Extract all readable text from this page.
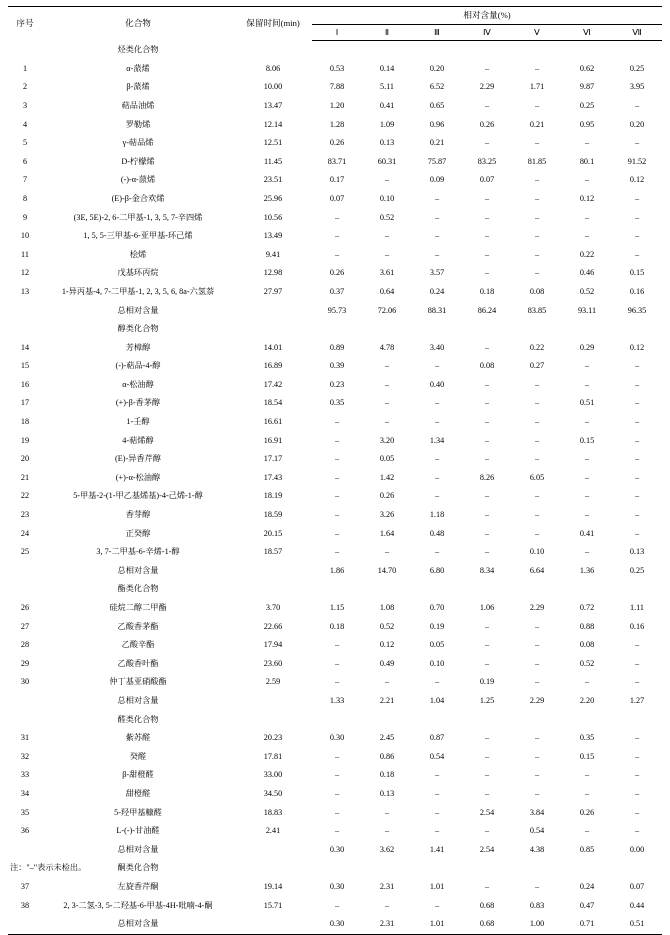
序号	化合物	保留时间(min)	相对含量(%)						
			Ⅰ	Ⅱ	Ⅲ	Ⅳ	Ⅴ	Ⅵ	Ⅶ
	烃类化合物								
1	α-蒎烯	8.06	0.53	0.14	0.20	–	–	0.62	0.25
2	β-蒎烯	10.00	7.88	5.11	6.52	2.29	1.71	9.87	3.95
3	萜品油烯	13.47	1.20	0.41	0.65	–	–	0.25	–
4	罗勒烯	12.14	1.28	1.09	0.96	0.26	0.21	0.95	0.20
5	γ-萜品烯	12.51	0.26	0.13	0.21	–	–	–	–
6	D-柠檬烯	11.45	83.71	60.31	75.87	83.25	81.85	80.1	91.52
7	(-)-α-蒎烯	23.51	0.17	–	0.09	0.07	–	–	0.12
8	(E)-β-金合欢烯	25.96	0.07	0.10	–	–	–	0.12	–
9	(3E, 5E)-2, 6-二甲基-1, 3, 5, 7-辛四烯	10.56	–	0.52	–	–	–	–	–
10	1, 5, 5-三甲基-6-亚甲基-环己烯	13.49	–	–	–	–	–	–	–
11	桧烯	9.41	–	–	–	–	–	0.22	–
12	戊基环丙烷	12.98	0.26	3.61	3.57	–	–	0.46	0.15
13	1-异丙基-4, 7-二甲基-1, 2, 3, 5, 6, 8a-六氢萘	27.97	0.37	0.64	0.24	0.18	0.08	0.52	0.16
	总相对含量		95.73	72.06	88.31	86.24	83.85	93.11	96.35
	醇类化合物								
14	芳樟醇	14.01	0.89	4.78	3.40	–	0.22	0.29	0.12
15	(-)-萜品-4-醇	16.89	0.39	–	–	0.08	0.27	–	–
16	α-松油醇	17.42	0.23	–	0.40	–	–	–	–
17	(+)-β-香茅醇	18.54	0.35	–	–	–	–	0.51	–
18	1-壬醇	16.61	–	–	–	–	–	–	–
19	4-萜烯醇	16.91	–	3.20	1.34	–	–	0.15	–
20	(E)-异香芹醇	17.17	–	0.05	–	–	–	–	–
21	(+)-α-松油醇	17.43	–	1.42	–	8.26	6.05	–	–
22	5-甲基-2-(1-甲乙基烯基)-4-己烯-1-醇	18.19	–	0.26	–	–	–	–	–
23	香芽醇	18.59	–	3.26	1.18	–	–	–	–
24	正癸醇	20.15	–	1.64	0.48	–	–	0.41	–
25	3, 7-二甲基-6-辛烯-1-醇	18.57	–	–	–	–	0.10	–	0.13
	总相对含量		1.86	14.70	6.80	8.34	6.64	1.36	0.25
	酯类化合物								
26	硅烷二醇二甲酯	3.70	1.15	1.08	0.70	1.06	2.29	0.72	1.11
27	乙酸香茅酯	22.66	0.18	0.52	0.19	–	–	0.88	0.16
28	乙酸辛酯	17.94	–	0.12	0.05	–	–	0.08	–
29	乙酸香叶酯	23.60	–	0.49	0.10	–	–	0.52	–
30	仲丁基亚硝酸酯	2.59	–	–	–	0.19	–	–	–
	总相对含量		1.33	2.21	1.04	1.25	2.29	2.20	1.27
	醛类化合物								
31	紫苏醛	20.23	0.30	2.45	0.87	–	–	0.35	–
32	癸醛	17.81	–	0.86	0.54	–	–	0.15	–
33	β-甜橙醛	33.00	–	0.18	–	–	–	–	–
34	甜橙醛	34.50	–	0.13	–	–	–	–	–
35	5-羟甲基糠醛	18.83	–	–	–	2.54	3.84	0.26	–
36	L-(-)-甘油醛	2.41	–	–	–	–	0.54	–	–
	总相对含量		0.30	3.62	1.41	2.54	4.38	0.85	0.00
	酮类化合物								
37	左旋香芹酮	19.14	0.30	2.31	1.01	–	–	0.24	0.07
38	2, 3-二氢-3, 5-二羟基-6-甲基-4H-吡喃-4-酮	15.71	–	–	–	0.68	0.83	0.47	0.44
	总相对含量		0.30	2.31	1.01	0.68	1.00	0.71	0.51
注："–"表示未检出。
